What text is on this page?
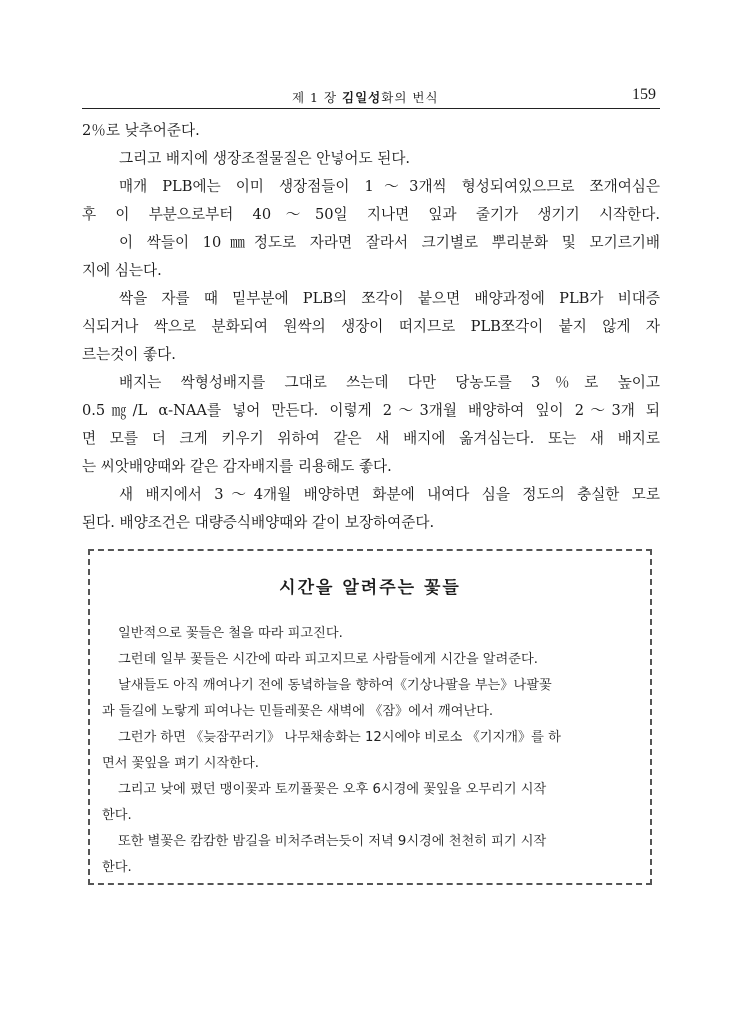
제 1 장 김일성화의 번식	159
2％로 낮추어준다.
그리고 배지에 생장조절물질은 안넣어도 된다.
매개 PLB에는 이미 생장점들이 1～3개씩 형성되여있으므로 쪼개여심은
후 이 부분으로부터 40～50일 지나면 잎과 줄기가 생기기 시작한다.
이 싹들이 10㎜정도로 자라면 잘라서 크기별로 뿌리분화 및 모기르기배
지에 심는다.
싹을 자를 때 밑부분에 PLB의 쪼각이 붙으면 배양과정에 PLB가 비대증
식되거나 싹으로 분화되여 원싹의 생장이 떠지므로 PLB쪼각이 붙지 않게 자
르는것이 좋다.
배지는 싹형성배지를 그대로 쓰는데 다만 당농도를 3％로 높이고
0.5㎎/L α-NAA를 넣어 만든다. 이렇게 2～3개월 배양하여 잎이 2～3개 되
면 모를 더 크게 키우기 위하여 같은 새 배지에 옮겨심는다. 또는 새 배지로
는 씨앗배양때와 같은 감자배지를 리용해도 좋다.
새 배지에서 3～4개월 배양하면 화분에 내여다 심을 정도의 충실한 모로
된다. 배양조건은 대량증식배양때와 같이 보장하여준다.
시간을 알려주는 꽃들
일반적으로 꽃들은 철을 따라 피고진다.
그런데 일부 꽃들은 시간에 따라 피고지므로 사람들에게 시간을 알려준다.
날새들도 아직 깨여나기 전에 동녘하늘을 향하여《기상나팔을 부는》나팔꽃
과 들길에 노랗게 피여나는 민들레꽃은 새벽에 《잠》에서 깨여난다.
그런가 하면 《늦잠꾸러기》 나무채송화는 12시에야 비로소 《기지개》를 하
면서 꽃잎을 펴기 시작한다.
그리고 낮에 폈던 맹이꽃과 토끼풀꽃은 오후 6시경에 꽃잎을 오무리기 시작
한다.
또한 별꽃은 캄캄한 밤길을 비처주려는듯이 저녁 9시경에 천천히 피기 시작
한다.
